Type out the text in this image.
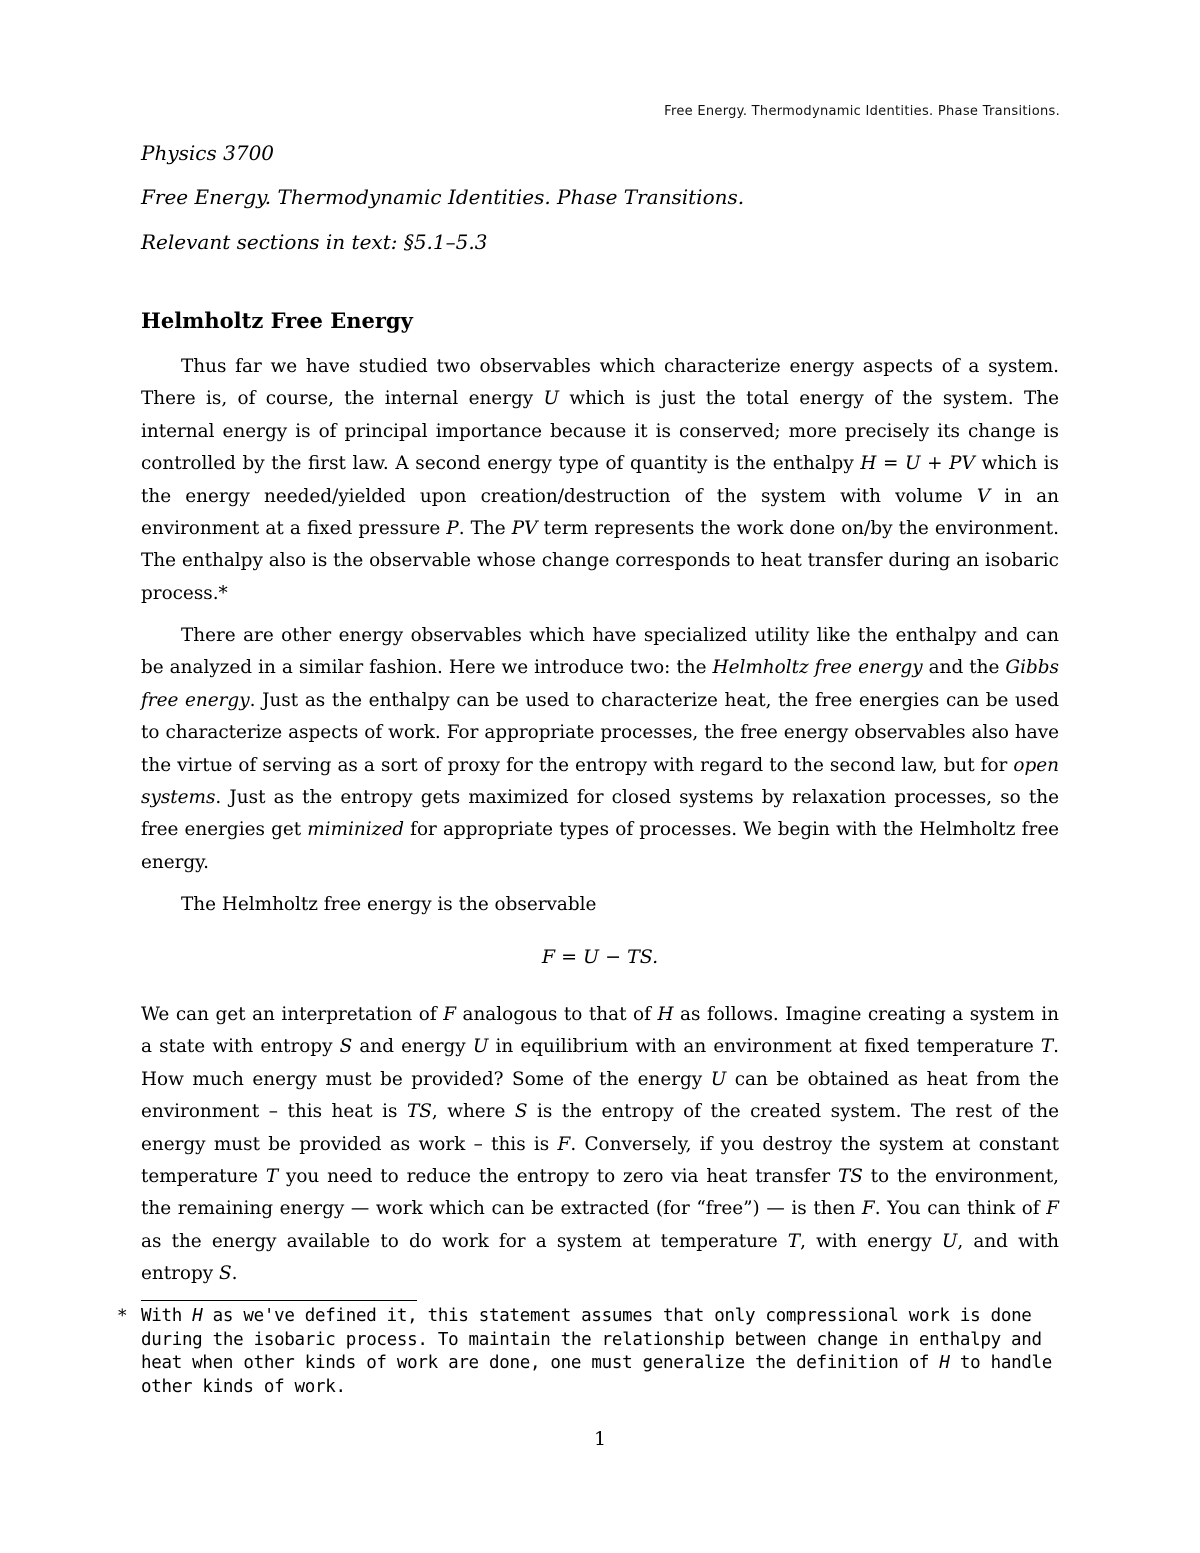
Free Energy. Thermodynamic Identities. Phase Transitions.
Physics 3700
Free Energy. Thermodynamic Identities. Phase Transitions.
Relevant sections in text: §5.1–5.3
Helmholtz Free Energy

Thus far we have studied two observables which characterize energy aspects of a system. There is, of course, the internal energy U which is just the total energy of the system. The internal energy is of principal importance because it is conserved; more precisely its change is controlled by the first law. A second energy type of quantity is the enthalpy H = U + PV which is the energy needed/yielded upon creation/destruction of the system with volume V in an environment at a fixed pressure P. The PV term represents the work done on/by the environment. The enthalpy also is the observable whose change corresponds to heat transfer during an isobaric process.*

There are other energy observables which have specialized utility like the enthalpy and can be analyzed in a similar fashion. Here we introduce two: the Helmholtz free energy and the Gibbs free energy. Just as the enthalpy can be used to characterize heat, the free energies can be used to characterize aspects of work. For appropriate processes, the free energy observables also have the virtue of serving as a sort of proxy for the entropy with regard to the second law, but for open systems. Just as the entropy gets maximized for closed systems by relaxation processes, so the free energies get miminized for appropriate types of processes. We begin with the Helmholtz free energy.

The Helmholtz free energy is the observable

F = U − TS.

We can get an interpretation of F analogous to that of H as follows. Imagine creating a system in a state with entropy S and energy U in equilibrium with an environment at fixed temperature T. How much energy must be provided? Some of the energy U can be obtained as heat from the environment – this heat is TS, where S is the entropy of the created system. The rest of the energy must be provided as work – this is F. Conversely, if you destroy the system at constant temperature T you need to reduce the entropy to zero via heat transfer TS to the environment, the remaining energy — work which can be extracted (for “free”) — is then F. You can think of F as the energy available to do work for a system at temperature T, with energy U, and with entropy S.

* With H as we've defined it, this statement assumes that only compressional work is done during the isobaric process. To maintain the relationship between change in enthalpy and heat when other kinds of work are done, one must generalize the definition of H to handle other kinds of work.
1
